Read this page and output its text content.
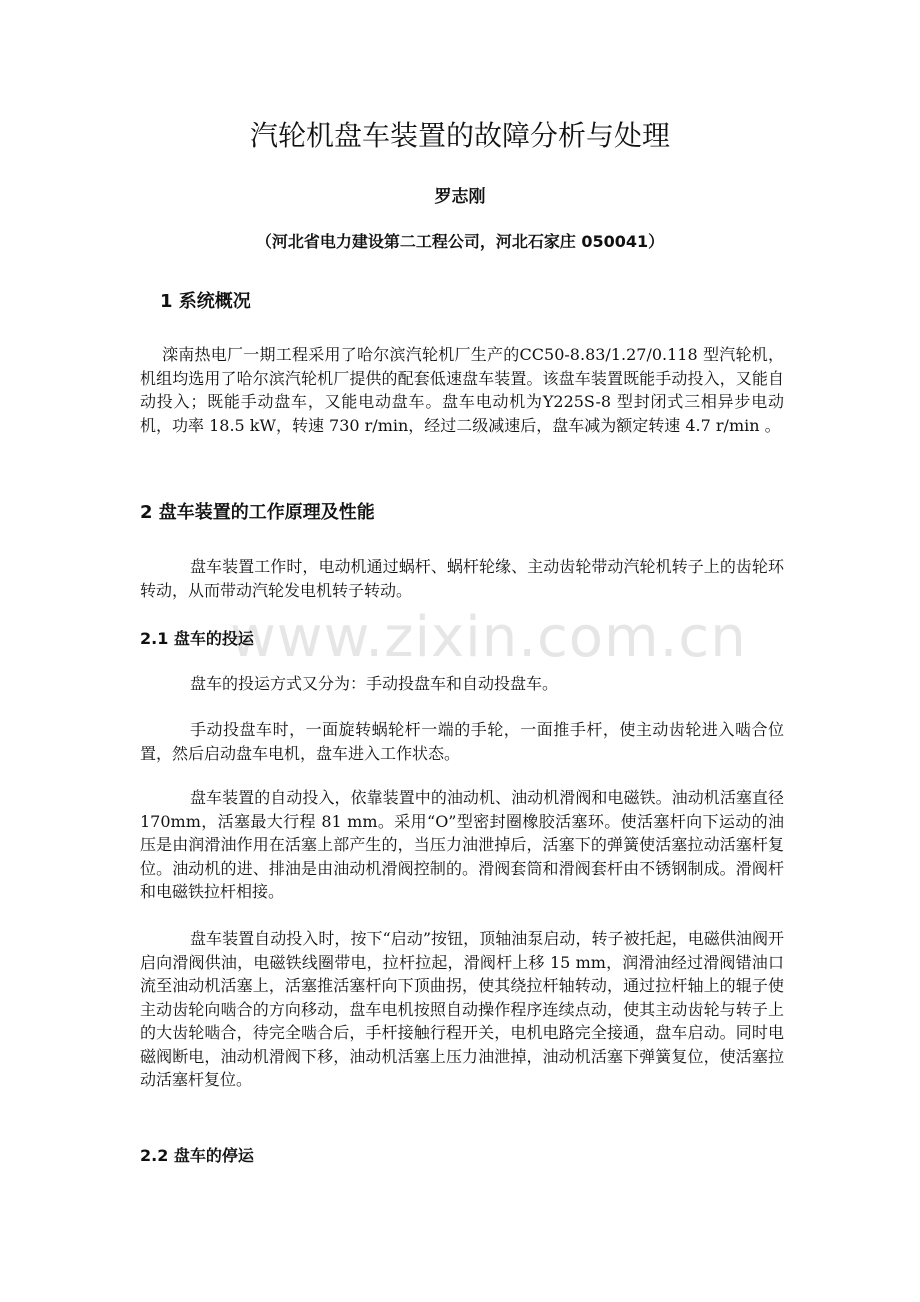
www.zixin.com.cn
汽轮机盘车装置的故障分析与处理
罗志刚
（河北省电力建设第二工程公司，河北石家庄 050041）
1 系统概况
滦南热电厂一期工程采用了哈尔滨汽轮机厂生产的CC50-8.83/1.27/0.118 型汽轮机，机组均选用了哈尔滨汽轮机厂提供的配套低速盘车装置。该盘车装置既能手动投入，又能自动投入；既能手动盘车，又能电动盘车。盘车电动机为Y225S-8 型封闭式三相异步电动机，功率 18.5 kW，转速 730 r/min，经过二级减速后，盘车减为额定转速 4.7 r/min 。
2 盘车装置的工作原理及性能
盘车装置工作时，电动机通过蜗杆、蜗杆轮缘、主动齿轮带动汽轮机转子上的齿轮环转动，从而带动汽轮发电机转子转动。
2.1 盘车的投运
盘车的投运方式又分为：手动投盘车和自动投盘车。
手动投盘车时，一面旋转蜗轮杆一端的手轮，一面推手杆，使主动齿轮进入啮合位置，然后启动盘车电机，盘车进入工作状态。
盘车装置的自动投入，依靠装置中的油动机、油动机滑阀和电磁铁。油动机活塞直径 170mm，活塞最大行程 81 mm。采用“O”型密封圈橡胶活塞环。使活塞杆向下运动的油压是由润滑油作用在活塞上部产生的，当压力油泄掉后，活塞下的弹簧使活塞拉动活塞杆复位。油动机的进、排油是由油动机滑阀控制的。滑阀套筒和滑阀套杆由不锈钢制成。滑阀杆和电磁铁拉杆相接。
盘车装置自动投入时，按下“启动”按钮，顶轴油泵启动，转子被托起，电磁供油阀开启向滑阀供油，电磁铁线圈带电，拉杆拉起，滑阀杆上移 15 mm，润滑油经过滑阀错油口流至油动机活塞上，活塞推活塞杆向下顶曲拐，使其绕拉杆轴转动，通过拉杆轴上的辊子使主动齿轮向啮合的方向移动，盘车电机按照自动操作程序连续点动，使其主动齿轮与转子上的大齿轮啮合，待完全啮合后，手杆接触行程开关，电机电路完全接通，盘车启动。同时电磁阀断电，油动机滑阀下移，油动机活塞上压力油泄掉，油动机活塞下弹簧复位，使活塞拉动活塞杆复位。
2.2 盘车的停运
